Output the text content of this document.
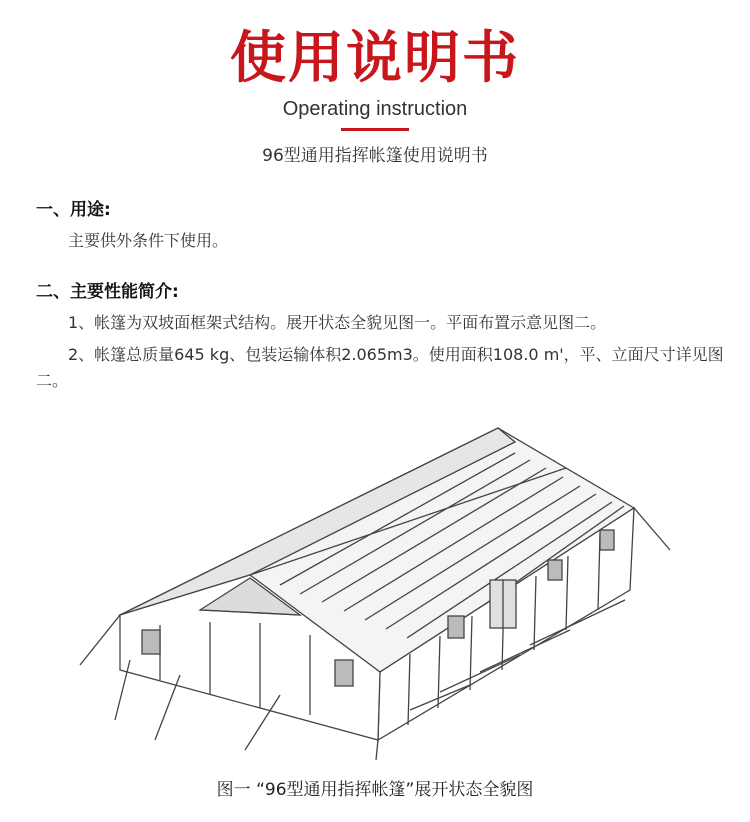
使用说明书
Operating instruction
96型通用指挥帐篷使用说明书
一、用途:

主要供外条件下使用。

二、主要性能简介:

1、帐篷为双坡面框架式结构。展开状态全貌见图一。平面布置示意见图二。

2、帐篷总质量645 kg、包装运输体积2.065m3。使用面积108.0 m'，平、立面尺寸详见图二。

图一 “96型通用指挥帐篷”展开状态全貌图
